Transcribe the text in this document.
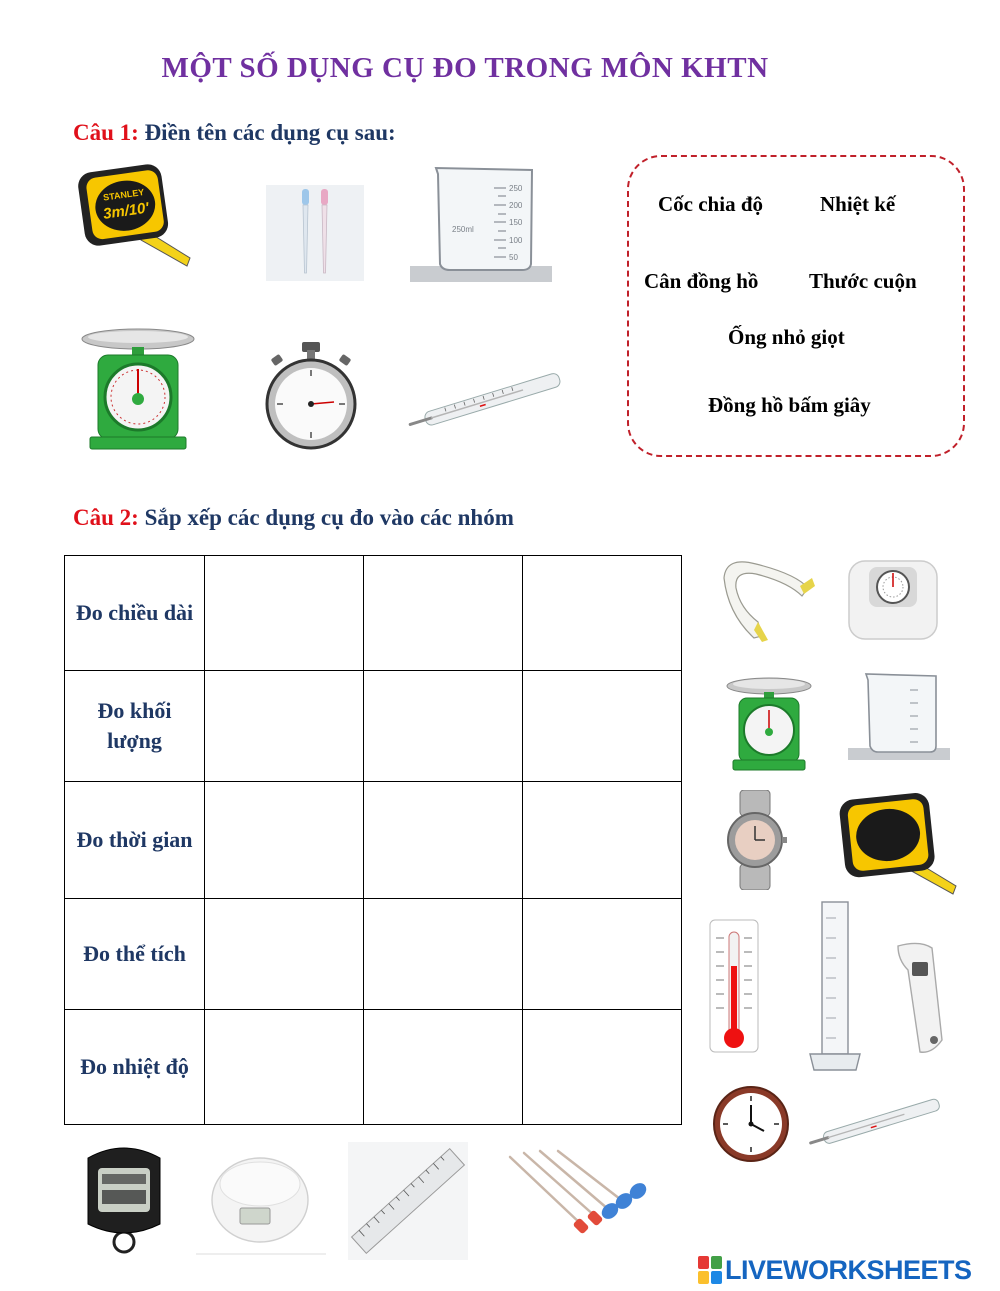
MỘT SỐ DỤNG CỤ ĐO TRONG MÔN KHTN
Câu 1: Điền tên các dụng cụ sau:
STANLEY
3m/10'
250
200
150
100
50
250ml
Cốc chia độ	Nhiệt kế
Cân đồng hồ Thước cuộn
Ống nhỏ giọt
Đồng hồ bấm giây
Câu 2: Sắp xếp các dụng cụ đo vào các nhóm
Đo chiều dài			
Đo khối lượng			
Đo thời gian			
Đo thể tích			
Đo nhiệt độ			
LIVEWORKSHEETS
